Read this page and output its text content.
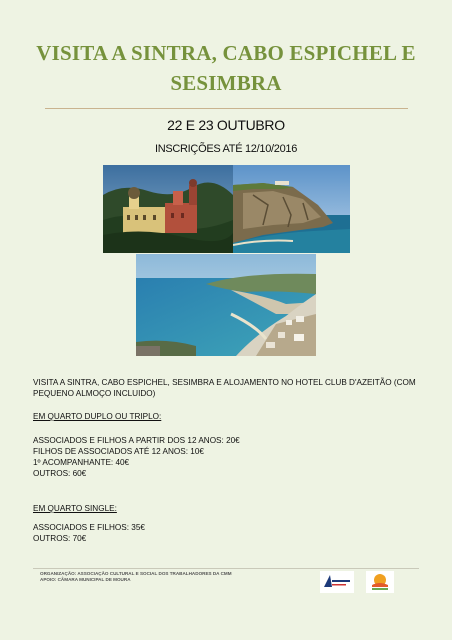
VISITA A SINTRA, CABO ESPICHEL E
SESIMBRA
22 E 23 OUTUBRO
INSCRIÇÕES ATÉ 12/10/2016
VISITA A SINTRA, CABO ESPICHEL, SESIMBRA E ALOJAMENTO NO HOTEL CLUB D'AZEITÃO (COM PEQUENO ALMOÇO INCLUIDO)
EM QUARTO DUPLO OU TRIPLO:
ASSOCIADOS E FILHOS A PARTIR DOS 12 ANOS: 20€
FILHOS DE ASSOCIADOS ATÉ 12 ANOS: 10€
1º ACOMPANHANTE: 40€
OUTROS: 60€
EM QUARTO SINGLE:
ASSOCIADOS E FILHOS: 35€
OUTROS: 70€
ORGANIZAÇÃO: ASSOCIAÇÃO CULTURAL E SOCIAL DOS TRABALHADORES DA CMM
APOIO: CÂMARA MUNICIPAL DE MOURA
